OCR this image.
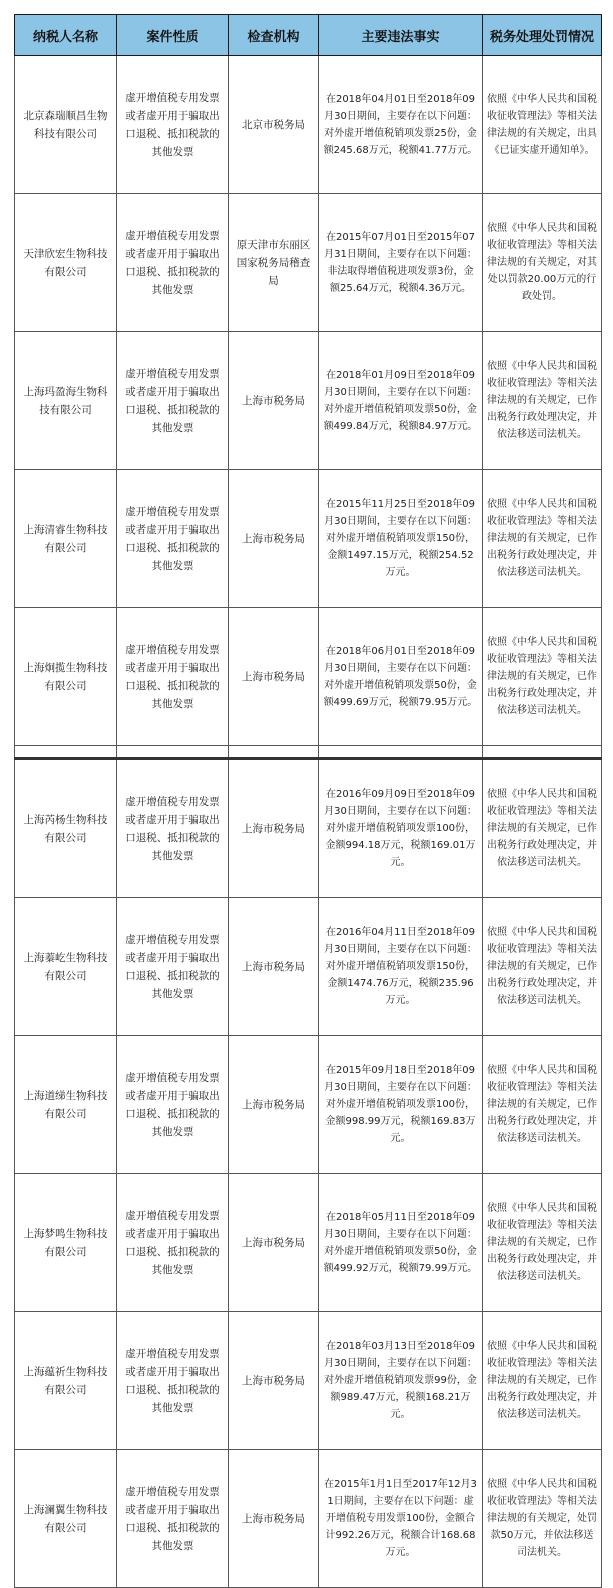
纳税人名称	案件性质	检查机构	主要违法事实	税务处理处罚情况
北京森瑞顺昌生物科技有限公司	虚开增值税专用发票或者虚开用于骗取出口退税、抵扣税款的其他发票	北京市税务局	在2018年04月01日至2018年09月30日期间，主要存在以下问题：对外虚开增值税销项发票25份，金额245.68万元，税额41.77万元。	依照《中华人民共和国税收征收管理法》等相关法律法规的有关规定，出具《已证实虚开通知单》。
天津欣宏生物科技有限公司	虚开增值税专用发票或者虚开用于骗取出口退税、抵扣税款的其他发票	原天津市东丽区国家税务局稽查局	在2015年07月01日至2015年07月31日期间，主要存在以下问题：非法取得增值税进项发票3份，金额25.64万元，税额4.36万元。	依照《中华人民共和国税收征收管理法》等相关法律法规的有关规定，对其处以罚款20.00万元的行政处罚。
上海玛盈海生物科技有限公司	虚开增值税专用发票或者虚开用于骗取出口退税、抵扣税款的其他发票	上海市税务局	在2018年01月09日至2018年09月30日期间，主要存在以下问题：对外虚开增值税销项发票50份，金额499.84万元，税额84.97万元。	依照《中华人民共和国税收征收管理法》等相关法律法规的有关规定，已作出税务行政处理决定，并依法移送司法机关。
上海清睿生物科技有限公司	虚开增值税专用发票或者虚开用于骗取出口退税、抵扣税款的其他发票	上海市税务局	在2015年11月25日至2018年09月30日期间，主要存在以下问题：对外虚开增值税销项发票150份，金额1497.15万元，税额254.52万元。	依照《中华人民共和国税收征收管理法》等相关法律法规的有关规定，已作出税务行政处理决定，并依法移送司法机关。
上海炯揽生物科技有限公司	虚开增值税专用发票或者虚开用于骗取出口退税、抵扣税款的其他发票	上海市税务局	在2018年06月01日至2018年09月30日期间，主要存在以下问题：对外虚开增值税销项发票50份，金额499.69万元，税额79.95万元。	依照《中华人民共和国税收征收管理法》等相关法律法规的有关规定，已作出税务行政处理决定，并依法移送司法机关。

上海芮杨生物科技有限公司	虚开增值税专用发票或者虚开用于骗取出口退税、抵扣税款的其他发票	上海市税务局	在2016年09月09日至2018年09月30日期间，主要存在以下问题：对外虚开增值税销项发票100份，金额994.18万元，税额169.01万元。	依照《中华人民共和国税收征收管理法》等相关法律法规的有关规定，已作出税务行政处理决定，并依法移送司法机关。
上海蓁屹生物科技有限公司	虚开增值税专用发票或者虚开用于骗取出口退税、抵扣税款的其他发票	上海市税务局	在2016年04月11日至2018年09月30日期间，主要存在以下问题：对外虚开增值税销项发票150份，金额1474.76万元，税额235.96万元。	依照《中华人民共和国税收征收管理法》等相关法律法规的有关规定，已作出税务行政处理决定，并依法移送司法机关。
上海道绨生物科技有限公司	虚开增值税专用发票或者虚开用于骗取出口退税、抵扣税款的其他发票	上海市税务局	在2015年09月18日至2018年09月30日期间，主要存在以下问题：对外虚开增值税销项发票100份，金额998.99万元，税额169.83万元。	依照《中华人民共和国税收征收管理法》等相关法律法规的有关规定，已作出税务行政处理决定，并依法移送司法机关。
上海梦鸣生物科技有限公司	虚开增值税专用发票或者虚开用于骗取出口退税、抵扣税款的其他发票	上海市税务局	在2018年05月11日至2018年09月30日期间，主要存在以下问题：对外虚开增值税销项发票50份，金额499.92万元，税额79.99万元。	依照《中华人民共和国税收征收管理法》等相关法律法规的有关规定，已作出税务行政处理决定，并依法移送司法机关。
上海蕴祈生物科技有限公司	虚开增值税专用发票或者虚开用于骗取出口退税、抵扣税款的其他发票	上海市税务局	在2018年03月13日至2018年09月30日期间，主要存在以下问题：对外虚开增值税销项发票99份，金额989.47万元，税额168.21万元。	依照《中华人民共和国税收征收管理法》等相关法律法规的有关规定，已作出税务行政处理决定，并依法移送司法机关。
上海澜翼生物科技有限公司	虚开增值税专用发票或者虚开用于骗取出口退税、抵扣税款的其他发票	上海市税务局	在2015年1月1日至2017年12月31日期间，主要存在以下问题：虚开增值税专用发票100份，金额合计992.26万元，税额合计168.68万元。	依照《中华人民共和国税收征收管理法》等相关法律法规的有关规定，处罚款50万元，并依法移送司法机关。
